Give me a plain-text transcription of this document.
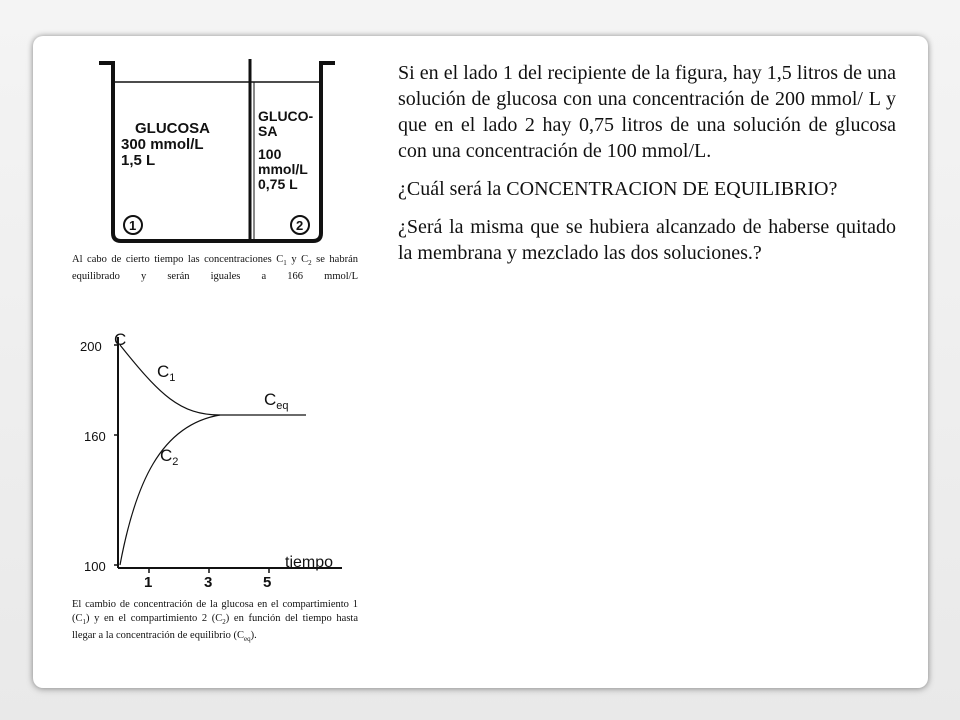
GLUCOSA
300 mmol/L
1,5 L
GLUCO-
SA
100
mmol/L
0,75 L
1	2
Al cabo de cierto tiempo las concentraciones $C_1$ y $C_2$ se habrán equilibrado y serán iguales a 166 mmol/L
200
160
100
C
1	3	5
tiempo
$C_1$
$C_2$
$C_{eq}$
El cambio de concentración de la glucosa en el compartimiento 1 $(C_1)$ y en el compartimiento 2 $(C_2)$ en función del tiempo hasta llegar a la concentración de equilibrio $(C_{eq})$.

Si en el lado 1 del recipiente de la figura, hay 1,5 litros de una solución de glucosa con una concentración de 200 mmol/ L y que en el lado 2 hay 0,75 litros de una solución de glucosa con una concentración de 100 mmol/L.

¿Cuál será la CONCENTRACION DE EQUILIBRIO?

¿Será la misma que se hubiera alcanzado de haberse quitado la membrana y mezclado las dos soluciones.?
